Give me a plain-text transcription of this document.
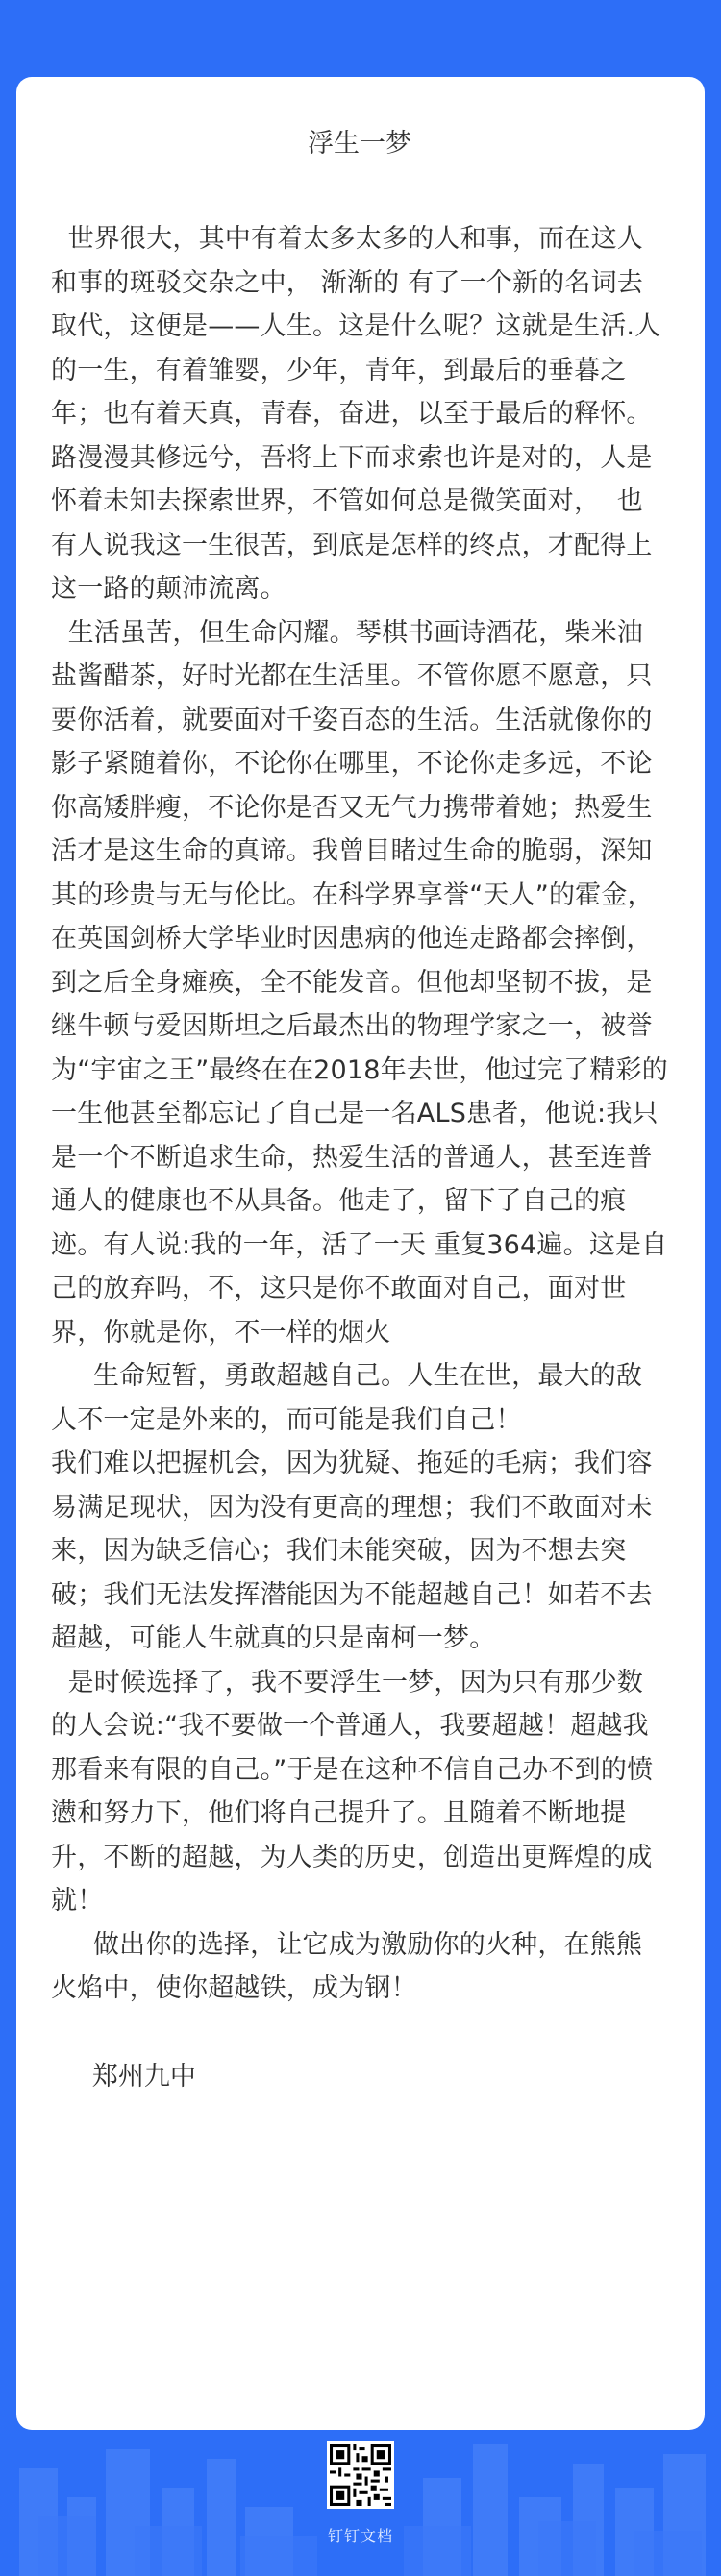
浮生一梦

世界很大，其中有着太多太多的人和事，而在这人和事的斑驳交杂之中， 渐渐的 有了一个新的名词去取代，这便是——人生。这是什么呢？这就是生活.人的一生，有着雏婴，少年，青年，到最后的垂暮之年；也有着天真，青春，奋进，以至于最后的释怀。路漫漫其修远兮，吾将上下而求索也许是对的，人是怀着未知去探索世界，不管如何总是微笑面对，  也有人说我这一生很苦，到底是怎样的终点，才配得上这一路的颠沛流离。

生活虽苦，但生命闪耀。琴棋书画诗酒花，柴米油盐酱醋茶，好时光都在生活里。不管你愿不愿意，只要你活着，就要面对千姿百态的生活。生活就像你的影子紧随着你，不论你在哪里，不论你走多远，不论你高矮胖瘦，不论你是否又无气力携带着她；热爱生活才是这生命的真谛。我曾目睹过生命的脆弱，深知其的珍贵与无与伦比。在科学界享誉“天人”的霍金，在英国剑桥大学毕业时因患病的他连走路都会摔倒，到之后全身瘫痪，全不能发音。但他却坚韧不拔，是继牛顿与爱因斯坦之后最杰出的物理学家之一，被誉为“宇宙之王”最终在在2018年去世，他过完了精彩的一生他甚至都忘记了自己是一名ALS患者，他说:我只是一个不断追求生命，热爱生活的普通人，甚至连普通人的健康也不从具备。他走了，留下了自己的痕迹。有人说:我的一年，活了一天 重复364遍。这是自己的放弃吗，不，这只是你不敢面对自己，面对世界，你就是你，不一样的烟火

生命短暂，勇敢超越自己。人生在世，最大的敌人不一定是外来的，而可能是我们自己！
我们难以把握机会，因为犹疑、拖延的毛病；我们容易满足现状，因为没有更高的理想；我们不敢面对未来，因为缺乏信心；我们未能突破，因为不想去突破；我们无法发挥潜能因为不能超越自己！如若不去超越，可能人生就真的只是南柯一梦。

是时候选择了，我不要浮生一梦，因为只有那少数的人会说:“我不要做一个普通人，我要超越！超越我那看来有限的自己。”于是在这种不信自己办不到的愤懑和努力下，他们将自己提升了。且随着不断地提升，不断的超越，为人类的历史，创造出更辉煌的成就！

做出你的选择，让它成为激励你的火种，在熊熊火焰中，使你超越铁，成为钢！

郑州九中

钉钉文档
